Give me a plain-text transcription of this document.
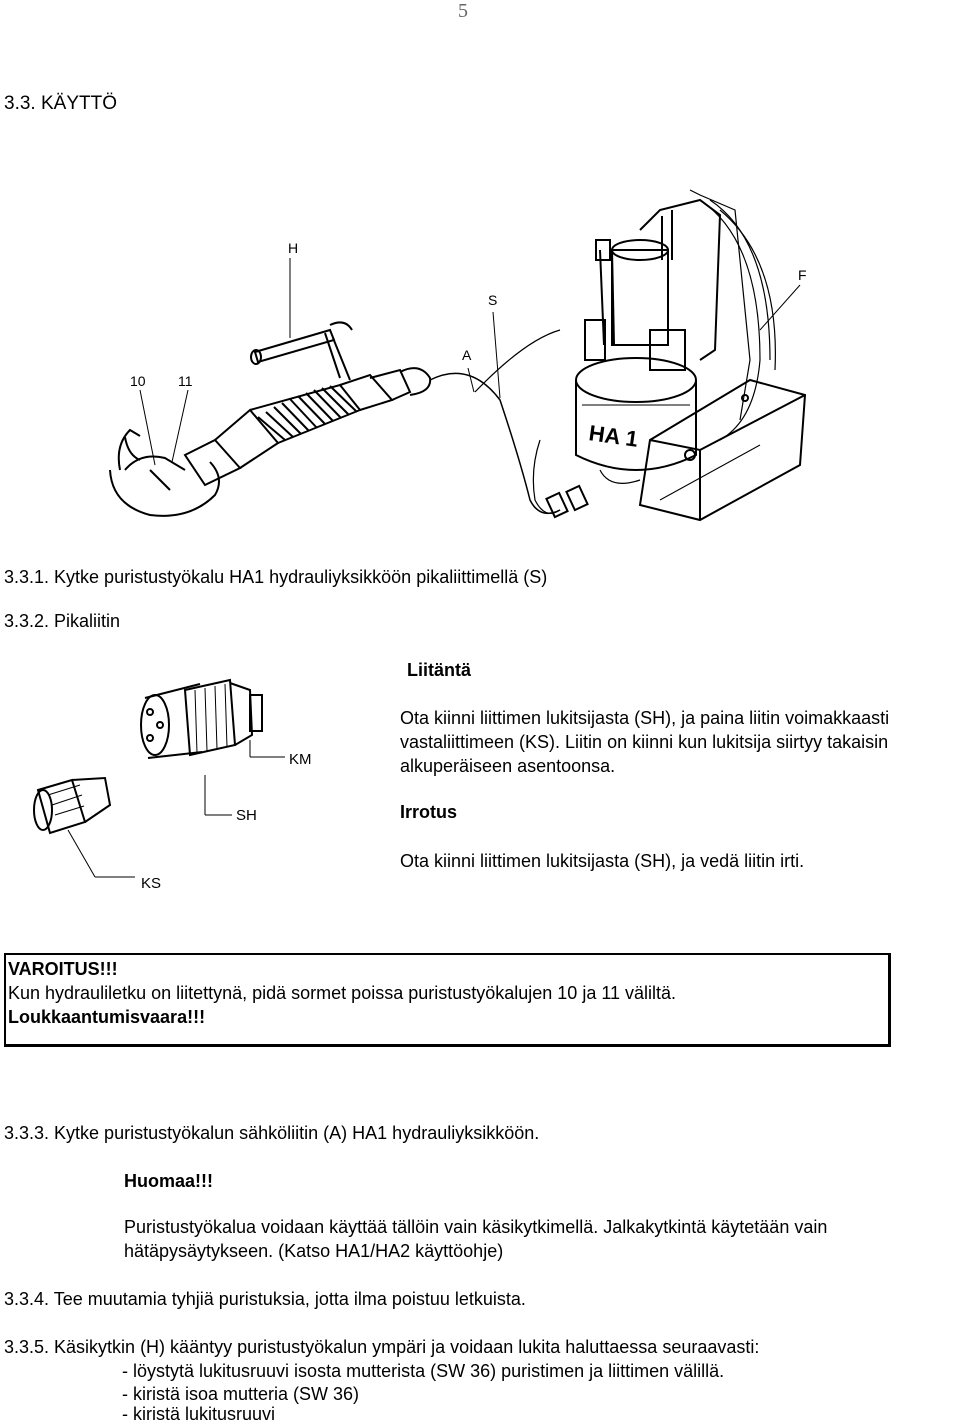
5
3.3. KÄYTTÖ
H
S
F
A
10 11
HA 1
3.3.1. Kytke puristustyökalu HA1 hydrauliyksikköön pikaliittimellä (S)
3.3.2. Pikaliitin
KM
SH
KS
Liitäntä
Ota kiinni liittimen lukitsijasta (SH), ja paina liitin voimakkaasti
vastaliittimeen (KS). Liitin on kiinni kun lukitsija siirtyy takaisin
alkuperäiseen asentoonsa.
Irrotus
Ota kiinni liittimen lukitsijasta (SH), ja vedä liitin irti.
VAROITUS!!!
Kun hydrauliletku on liitettynä, pidä sormet poissa puristustyökalujen 10 ja 11 väliltä.
Loukkaantumisvaara!!!
3.3.3. Kytke puristustyökalun sähköliitin (A) HA1 hydrauliyksikköön.
Huomaa!!!
Puristustyökalua voidaan käyttää tällöin vain käsikytkimellä. Jalkakytkintä käytetään vain
hätäpysäytykseen. (Katso HA1/HA2 käyttöohje)
3.3.4. Tee muutamia tyhjiä puristuksia, jotta ilma poistuu letkuista.
3.3.5. Käsikytkin (H) kääntyy puristustyökalun ympäri ja voidaan lukita haluttaessa seuraavasti:
- löystytä lukitusruuvi isosta mutterista (SW 36) puristimen ja liittimen välillä.
- kiristä isoa mutteria (SW 36)
- kiristä lukitusruuvi
